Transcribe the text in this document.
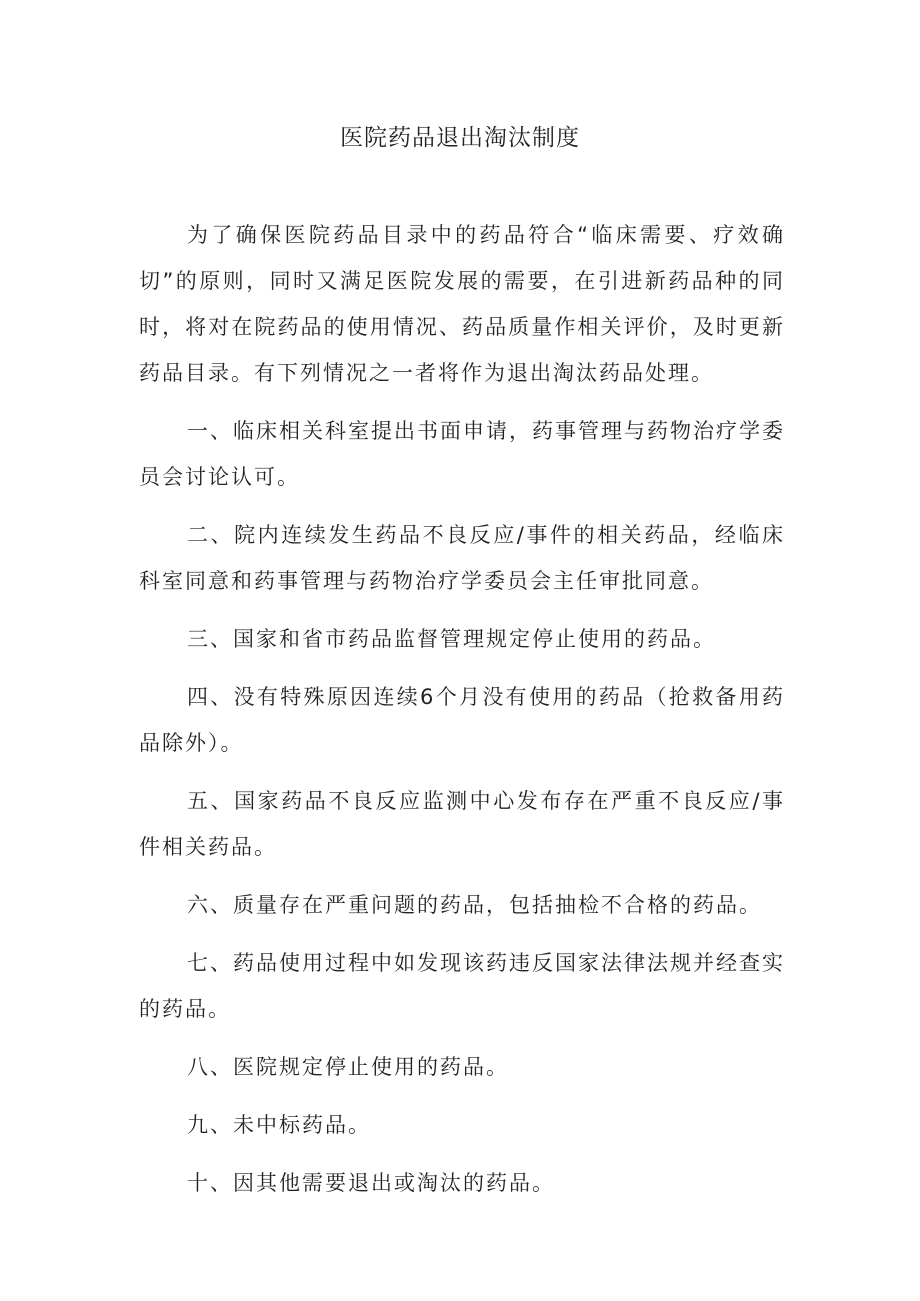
医院药品退出淘汰制度

为了确保医院药品目录中的药品符合“临床需要、疗效确切”的原则，同时又满足医院发展的需要，在引进新药品种的同时，将对在院药品的使用情况、药品质量作相关评价，及时更新药品目录。有下列情况之一者将作为退出淘汰药品处理。

一、临床相关科室提出书面申请，药事管理与药物治疗学委员会讨论认可。

二、院内连续发生药品不良反应/事件的相关药品，经临床科室同意和药事管理与药物治疗学委员会主任审批同意。

三、国家和省市药品监督管理规定停止使用的药品。

四、没有特殊原因连续6个月没有使用的药品（抢救备用药品除外）。

五、国家药品不良反应监测中心发布存在严重不良反应/事件相关药品。

六、质量存在严重问题的药品，包括抽检不合格的药品。

七、药品使用过程中如发现该药违反国家法律法规并经查实的药品。

八、医院规定停止使用的药品。

九、未中标药品。

十、因其他需要退出或淘汰的药品。
